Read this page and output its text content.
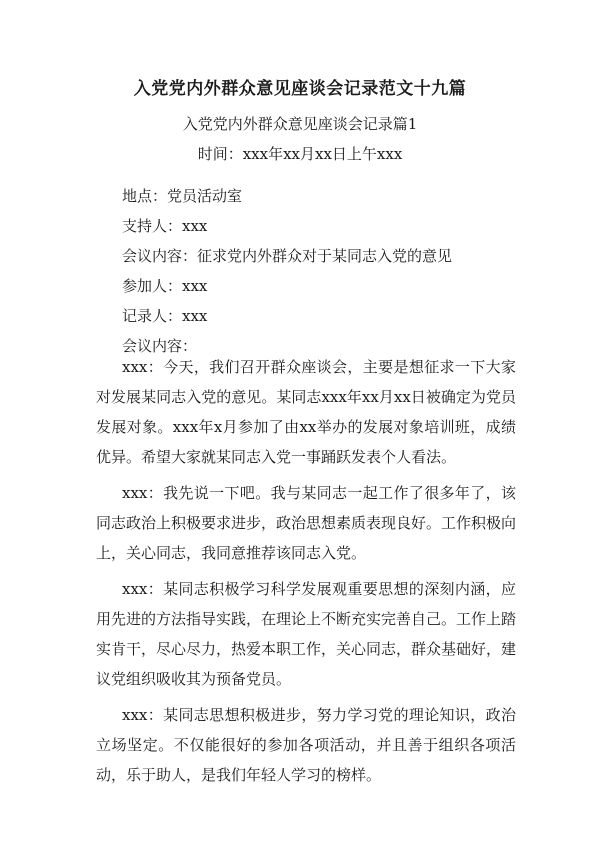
入党党内外群众意见座谈会记录范文十九篇
入党党内外群众意见座谈会记录篇1
时间：xxx年xx月xx日上午xxx
地点：党员活动室
支持人：xxx
会议内容：征求党内外群众对于某同志入党的意见
参加人：xxx
记录人：xxx
会议内容：

xxx：今天，我们召开群众座谈会，主要是想征求一下大家对发展某同志入党的意见。某同志xxx年xx月xx日被确定为党员发展对象。xxx年x月参加了由xx举办的发展对象培训班，成绩优异。希望大家就某同志入党一事踊跃发表个人看法。

xxx：我先说一下吧。我与某同志一起工作了很多年了，该同志政治上积极要求进步，政治思想素质表现良好。工作积极向上，关心同志，我同意推荐该同志入党。

xxx：某同志积极学习科学发展观重要思想的深刻内涵，应用先进的方法指导实践，在理论上不断充实完善自己。工作上踏实肯干，尽心尽力，热爱本职工作，关心同志，群众基础好，建议党组织吸收其为预备党员。

xxx：某同志思想积极进步，努力学习党的理论知识，政治立场坚定。不仅能很好的参加各项活动，并且善于组织各项活动，乐于助人，是我们年轻人学习的榜样。
